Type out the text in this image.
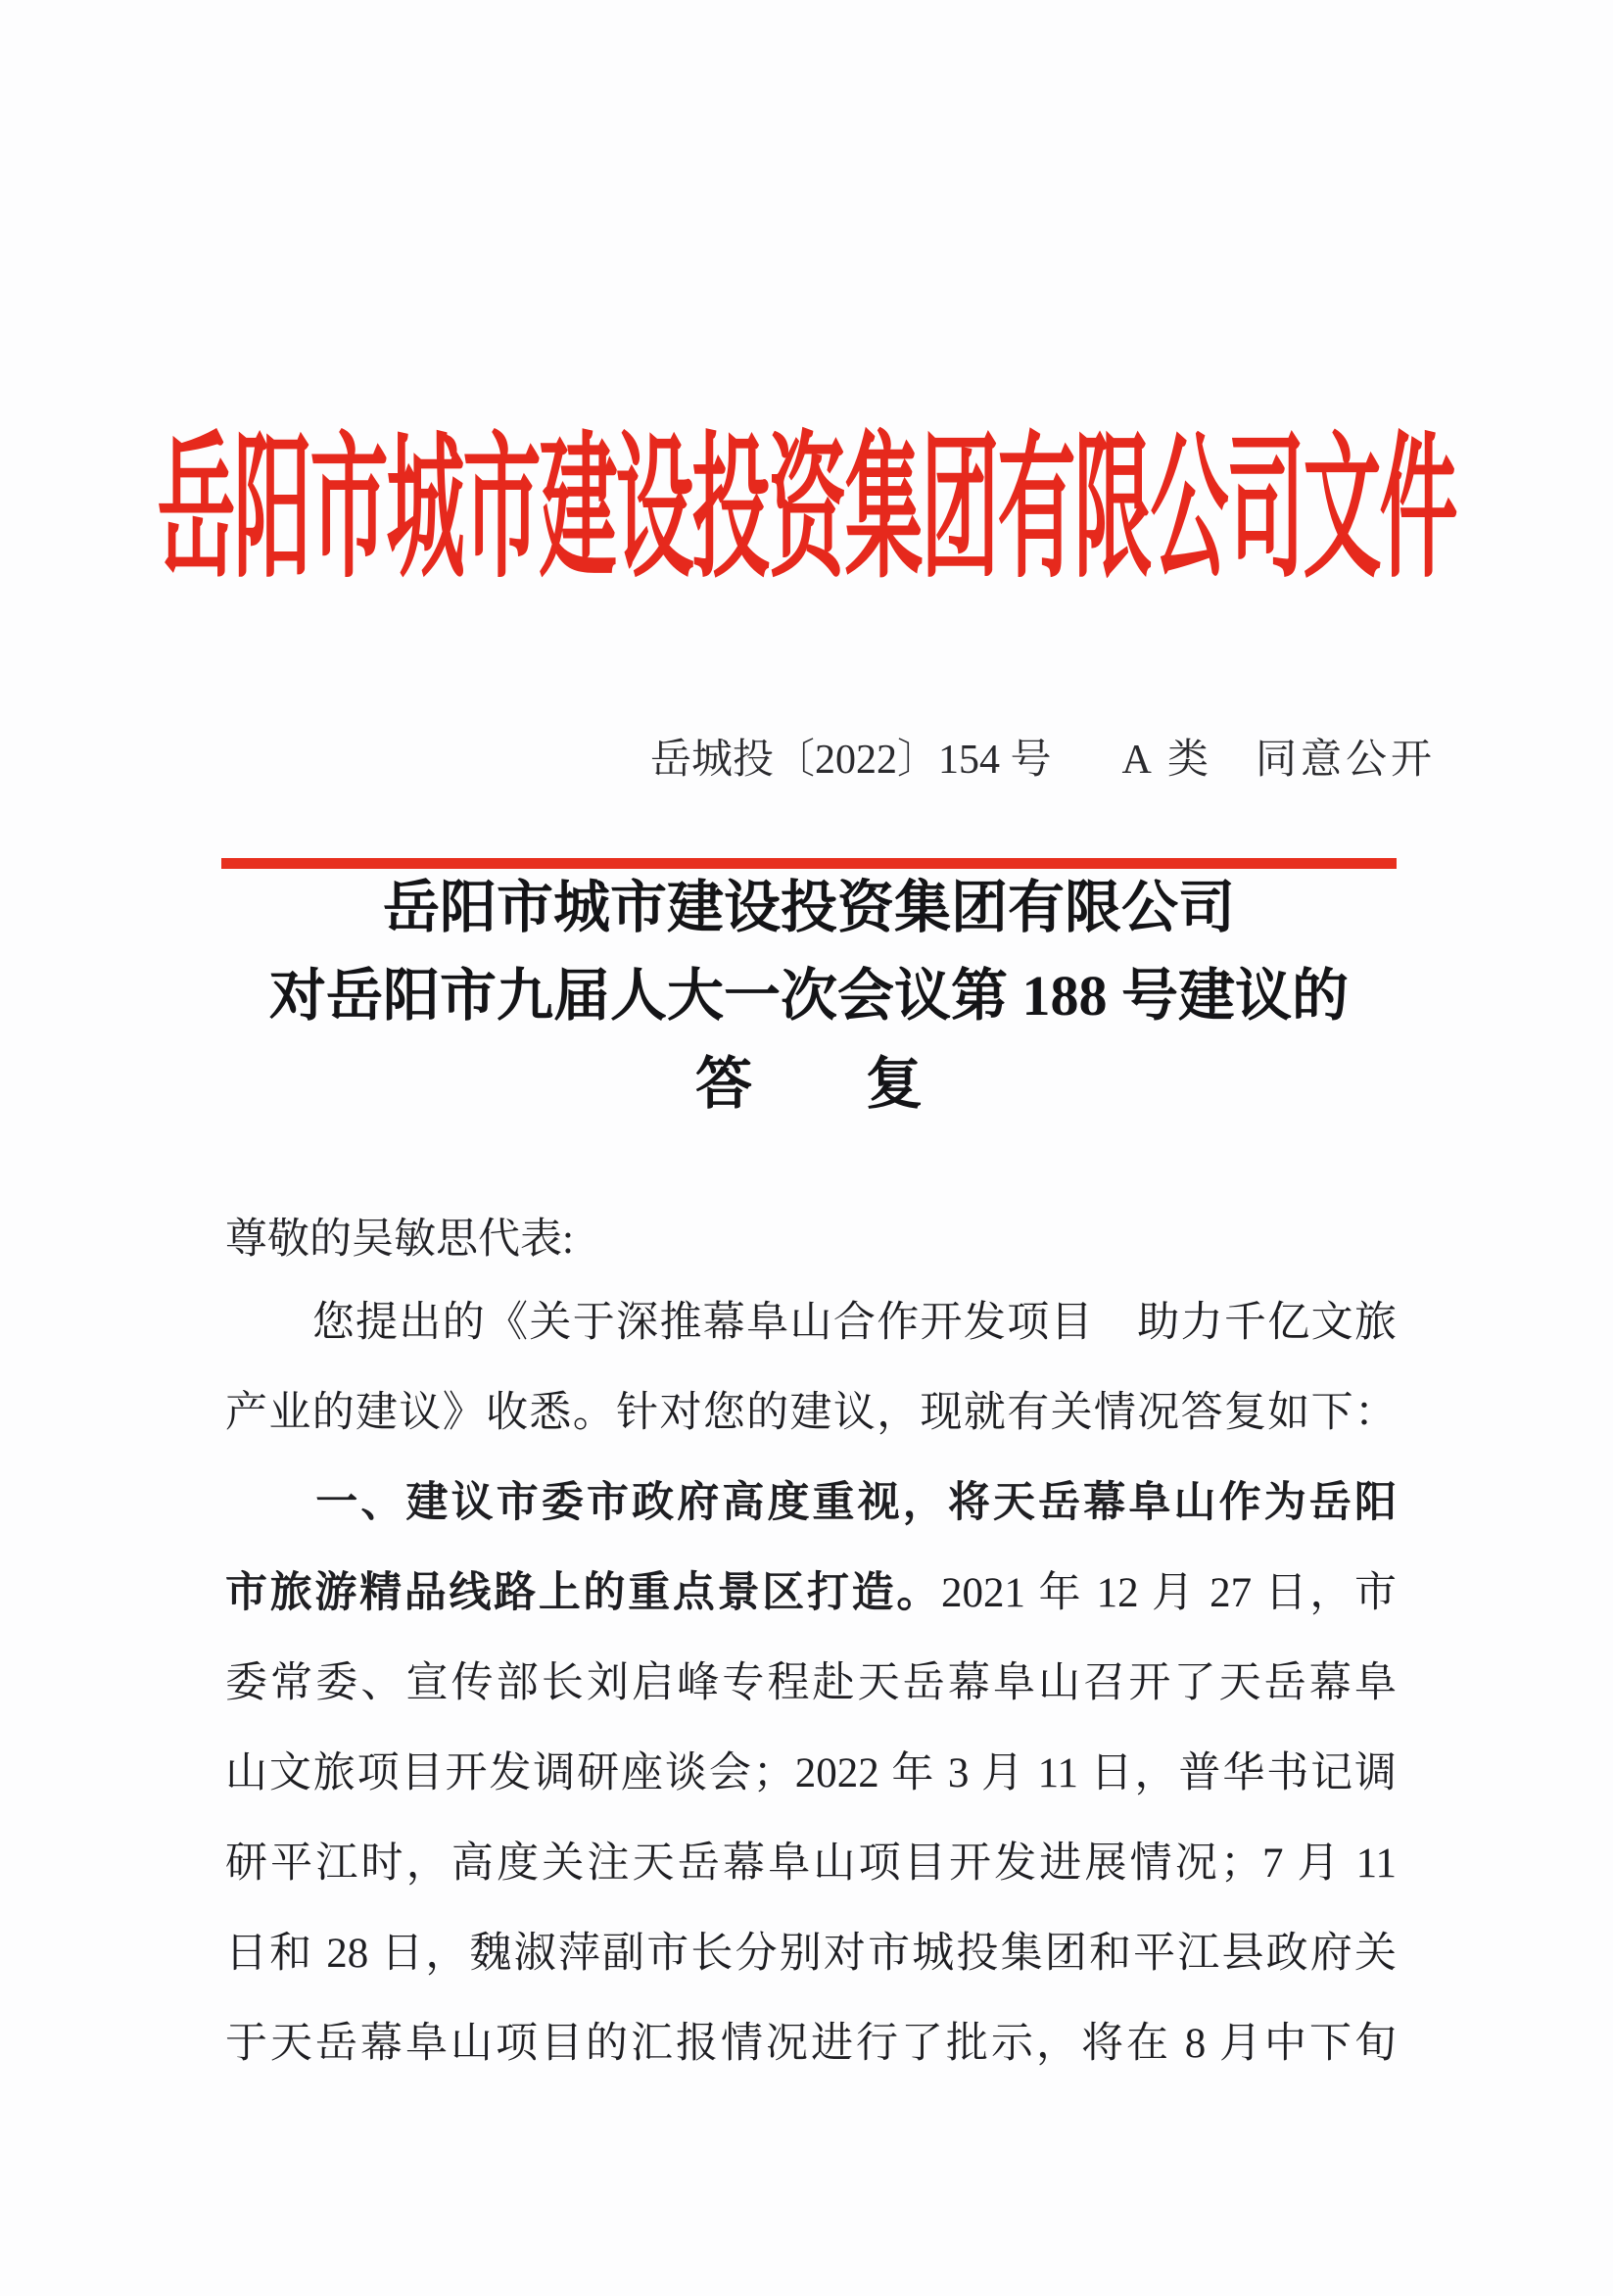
岳阳市城市建设投资集团有限公司文件
岳城投〔2022〕154 号 A 类 同意公开
岳阳市城市建设投资集团有限公司
对岳阳市九届人大一次会议第 188 号建议的
答　　复
尊敬的吴敏思代表:
　　您提出的《关于深推幕阜山合作开发项目　助力千亿文旅
产业的建议》收悉。针对您的建议，现就有关情况答复如下：
　　一、建议市委市政府高度重视，将天岳幕阜山作为岳阳
市旅游精品线路上的重点景区打造。2021 年 12 月 27 日，市
委常委、宣传部长刘启峰专程赴天岳幕阜山召开了天岳幕阜
山文旅项目开发调研座谈会；2022 年 3 月 11 日，普华书记调
研平江时，高度关注天岳幕阜山项目开发进展情况；7 月 11
日和 28 日，魏淑萍副市长分别对市城投集团和平江县政府关
于天岳幕阜山项目的汇报情况进行了批示，将在 8 月中下旬
